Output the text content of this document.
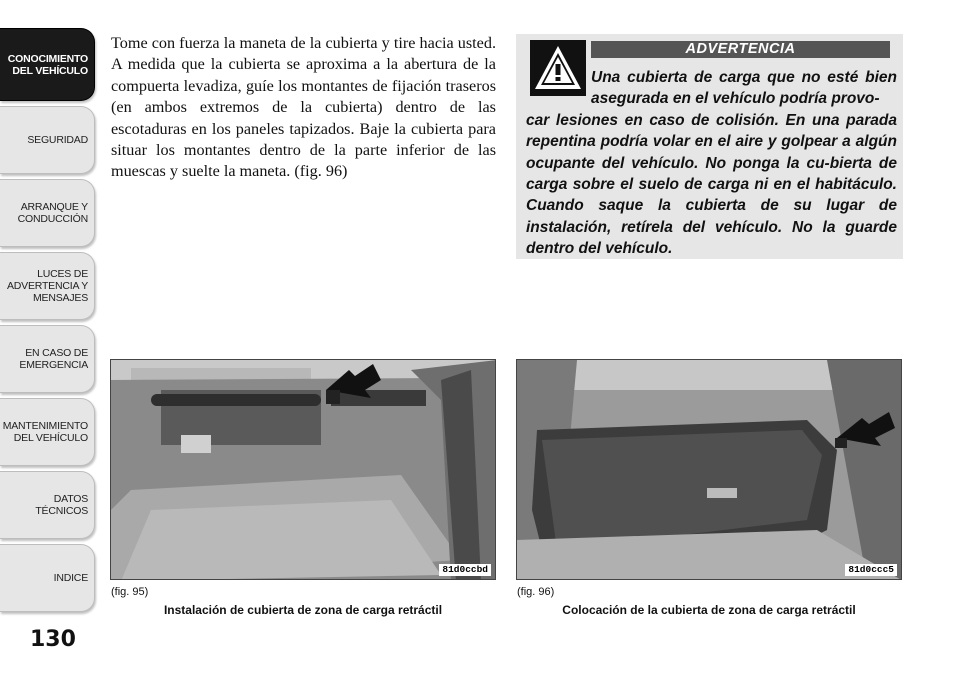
CONOCIMIENTO
DEL VEHÍCULO
SEGURIDAD
ARRANQUE Y
CONDUCCIÓN
LUCES DE
ADVERTENCIA Y
MENSAJES
EN CASO DE
EMERGENCIA
MANTENIMIENTO
DEL VEHÍCULO
DATOS
TÉCNICOS
INDICE
130
Tome con fuerza la maneta de la cubierta y tire hacia usted. A medida que la cubierta se aproxima a la abertura de la compuerta levadiza, guíe los montantes de fijación traseros (en ambos extremos de la cubierta) dentro de las escotaduras en los paneles tapizados. Baje la cubierta para situar los montantes dentro de la parte inferior de las muescas y suelte la maneta. (fig. 96)
ADVERTENCIA
Una cubierta de carga que no esté bien asegurada en el vehículo podría provo-
car lesiones en caso de colisión. En una parada repentina podría volar en el aire y golpear a algún ocupante del vehículo. No ponga la cu-bierta de carga sobre el suelo de carga ni en el habitáculo. Cuando saque la cubierta de su lugar de instalación, retírela del vehículo. No la guarde dentro del vehículo.
81d0ccbd
(fig. 95)
Instalación de cubierta de zona de carga retráctil
81d0ccc5
(fig. 96)
Colocación de la cubierta de zona de carga retráctil
